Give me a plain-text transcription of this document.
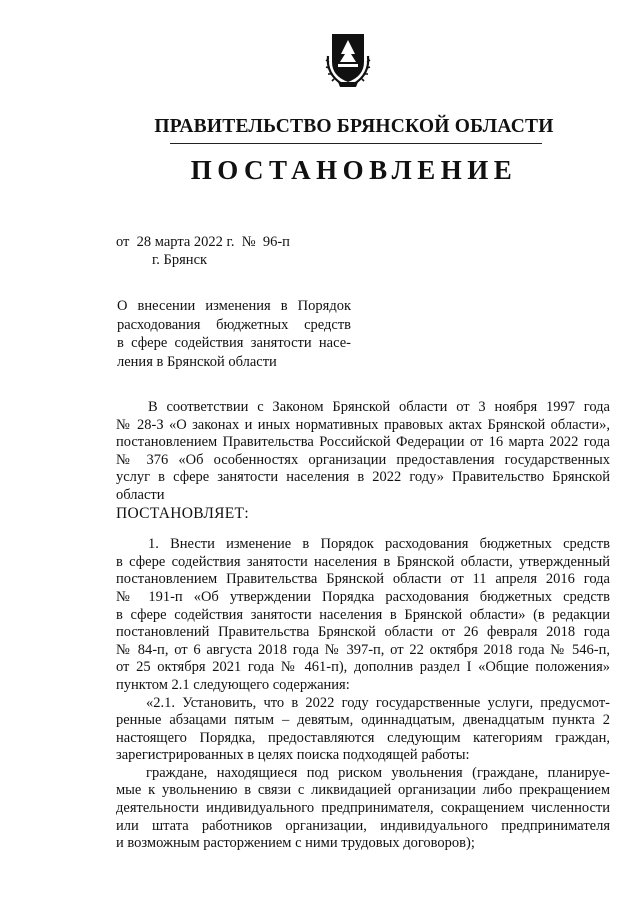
ПРАВИТЕЛЬСТВО БРЯНСКОЙ ОБЛАСТИ
ПОСТАНОВЛЕНИЕ
от  28 марта 2022 г.  №  96-п
г. Брянск
О внесении изменения в Порядок
расходования бюджетных средств
в сфере содействия занятости насе-
ления в Брянской области
В соответствии с Законом Брянской области от 3 ноября 1997 года
№ 28-З «О законах и иных нормативных правовых актах Брянской области»,
постановлением Правительства Российской Федерации от 16 марта 2022 года
№ 376 «Об особенностях организации предоставления государственных
услуг в сфере занятости населения в 2022 году» Правительство Брянской
области
ПОСТАНОВЛЯЕТ:
1. Внести изменение в Порядок расходования бюджетных средств
в сфере содействия занятости населения в Брянской области, утвержденный
постановлением Правительства Брянской области от 11 апреля 2016 года
№ 191-п «Об утверждении Порядка расходования бюджетных средств
в сфере содействия занятости населения в Брянской области» (в редакции
постановлений Правительства Брянской области от 26 февраля 2018 года
№ 84-п, от 6 августа 2018 года № 397-п, от 22 октября 2018 года № 546-п,
от 25 октября 2021 года № 461-п), дополнив раздел I «Общие положения»
пунктом 2.1 следующего содержания:
«2.1. Установить, что в 2022 году государственные услуги, предусмот-
ренные абзацами пятым – девятым, одиннадцатым, двенадцатым пункта 2
настоящего Порядка, предоставляются следующим категориям граждан,
зарегистрированных в целях поиска подходящей работы:
граждане, находящиеся под риском увольнения (граждане, планируе-
мые к увольнению в связи с ликвидацией организации либо прекращением
деятельности индивидуального предпринимателя, сокращением численности
или штата работников организации, индивидуального предпринимателя
и возможным расторжением с ними трудовых договоров);
